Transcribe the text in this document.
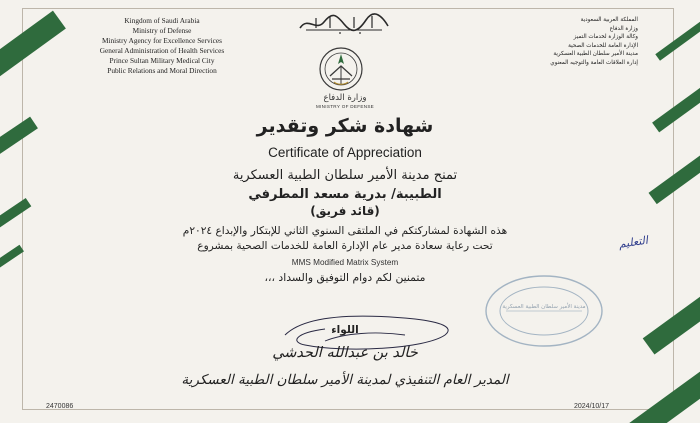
Kingdom of Saudi Arabia
Ministry of Defense
Ministry Agency for Excellence Services
General Administration of Health Services
Prince Sultan Military Medical City
Public Relations and Moral Direction
المملكة العربية السعودية
وزارة الدفاع
وكالة الوزارة لخدمات التميز
الإدارة العامة للخدمات الصحية
مدينة الأمير سلطان الطبية العسكرية
إدارة العلاقات العامة والتوجيه المعنوي
وزارة الدفاع
MINISTRY OF DEFENSE
شهادة شكر وتقدير
Certificate of Appreciation
تمنح مدينة الأمير سلطان الطبية العسكرية
الطبيبة/ بدرية مسعد المطرفي
(قائد فريق)
هذه الشهادة لمشاركتكم في الملتقى السنوي الثاني للإبتكار والإبداع ٢٠٢٤م
تحت رعاية سعادة مدير عام الإدارة العامة للخدمات الصحية بمشروع
MMS Modified Matrix System
متمنين لكم دوام التوفيق والسداد ،،،
مدينة الأمير سلطان الطبية العسكرية
التعليم
اللواء
خالد بن عبدالله الحدشي
المدير العام التنفيذي لمدينة الأمير سلطان الطبية العسكرية
2470086	2024/10/17
